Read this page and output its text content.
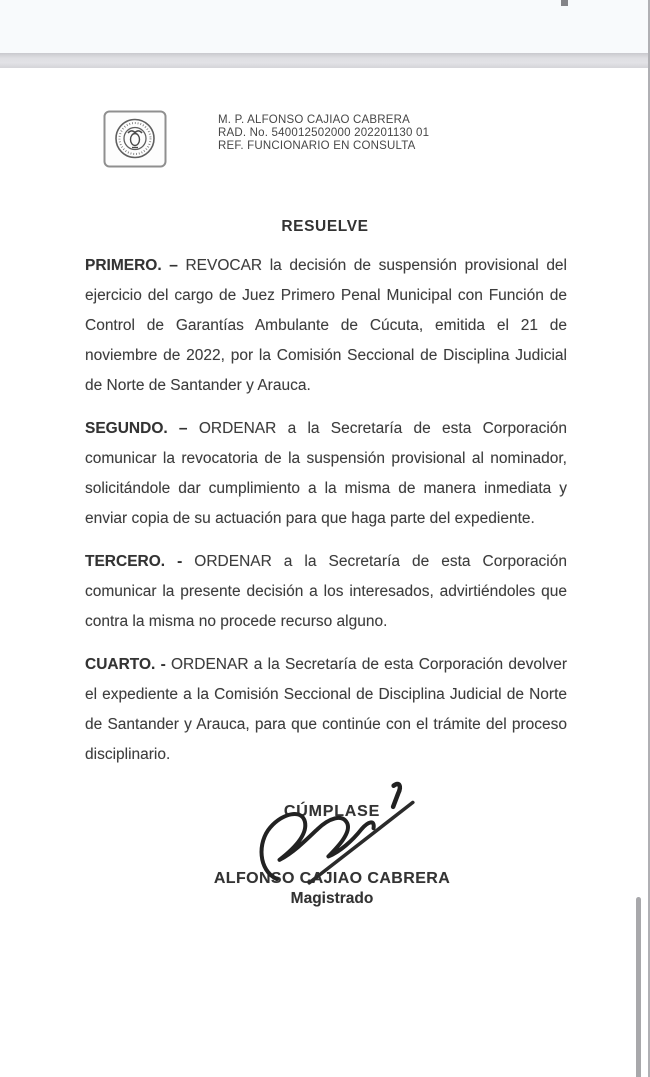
M. P. ALFONSO CAJIAO CABRERA
RAD. No. 540012502000 202201130 01
REF. FUNCIONARIO EN CONSULTA
RESUELVE

PRIMERO. – REVOCAR la decisión de suspensión provisional del ejercicio del cargo de Juez Primero Penal Municipal con Función de Control de Garantías Ambulante de Cúcuta, emitida el 21 de noviembre de 2022, por la Comisión Seccional de Disciplina Judicial de Norte de Santander y Arauca.

SEGUNDO. – ORDENAR a la Secretaría de esta Corporación comunicar la revocatoria de la suspensión provisional al nominador, solicitándole dar cumplimiento a la misma de manera inmediata y enviar copia de su actuación para que haga parte del expediente.

TERCERO. - ORDENAR a la Secretaría de esta Corporación comunicar la presente decisión a los interesados, advirtiéndoles que contra la misma no procede recurso alguno.

CUARTO. - ORDENAR a la Secretaría de esta Corporación devolver el expediente a la Comisión Seccional de Disciplina Judicial de Norte de Santander y Arauca, para que continúe con el trámite del proceso disciplinario.

CÚMPLASE
ALFONSO CAJIAO CABRERA
Magistrado
